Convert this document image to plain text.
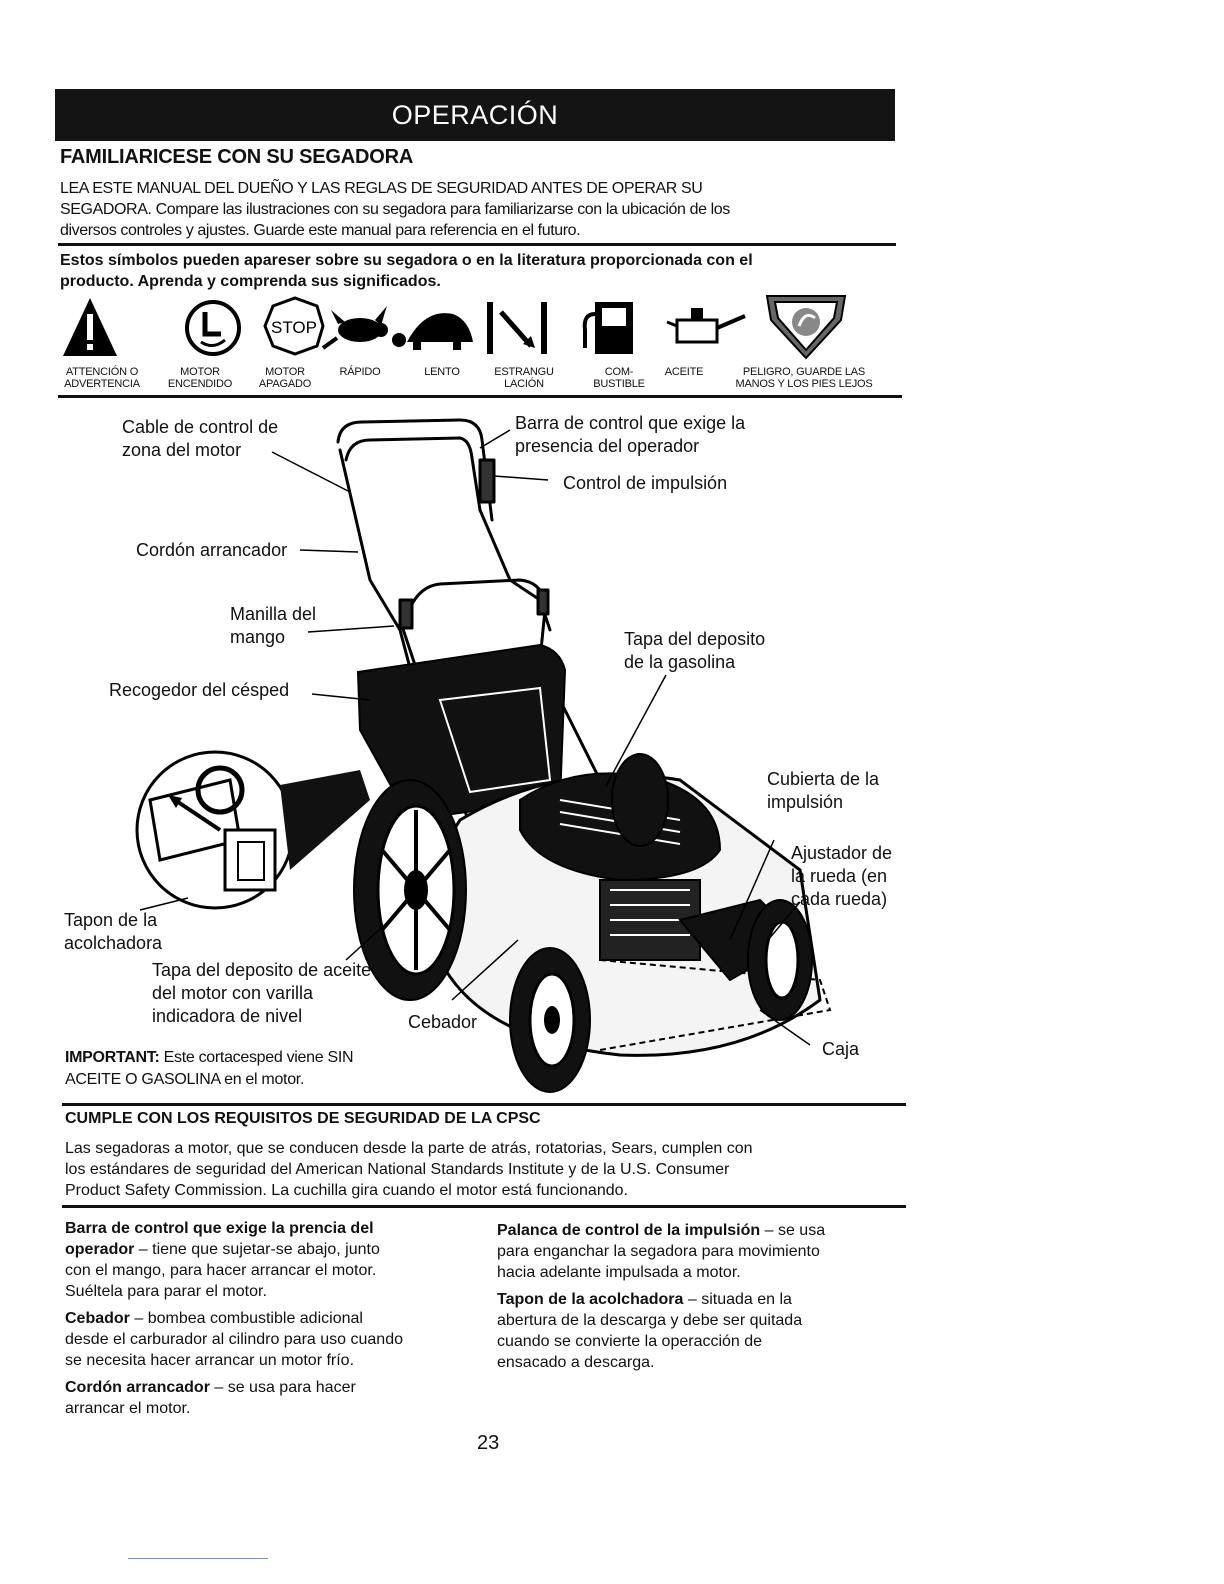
OPERACIÓN
FAMILIARICESE CON SU SEGADORA
LEA ESTE MANUAL DEL DUEÑO Y LAS REGLAS DE SEGURIDAD ANTES DE OPERAR SU
SEGADORA. Compare las ilustraciones con su segadora para familiarizarse con la ubicación de los
diversos controles y ajustes. Guarde este manual para referencia en el futuro.
Estos símbolos pueden apareser sobre su segadora o en la literatura proporcionada con el
producto. Aprenda y comprenda sus significados.
STOP
ATTENCIÓN O
ADVERTENCIA
MOTOR
ENCENDIDO
MOTOR
APAGADO
RÁPIDO	LENTO	ESTRANGU
LACIÓN
COM-
BUSTIBLE
ACEITE	PELIGRO, GUARDE LAS
MANOS Y LOS PIES LEJOS
Cable de control de
zona del motor
Barra de control que exige la
presencia del operador
Control de impulsión
Cordón arrancador
Manilla del
mango	Tapa del deposito
de la gasolina
Recogedor del césped
Cubierta de la
impulsión
Ajustador de
la rueda (en
cada rueda)
Tapon de la
acolchadora
Tapa del deposito de aceite
del motor con varilla
indicadora de nivel	Cebador
Caja
IMPORTANT: Este cortacesped viene SIN
ACEITE O GASOLINA en el motor.
CUMPLE CON LOS REQUISITOS DE SEGURIDAD DE LA CPSC
Las segadoras a motor, que se conducen desde la parte de atrás, rotatorias, Sears, cumplen con
los estándares de seguridad del American National Standards Institute y de la U.S. Consumer
Product Safety Commission. La cuchilla gira cuando el motor está funcionando.

Barra de control que exige la prencia del
operador – tiene que sujetar-se abajo, junto
con el mango, para hacer arrancar el motor.
Suéltela para parar el motor.

Cebador – bombea combustible adicional
desde el carburador al cilindro para uso cuando
se necesita hacer arrancar un motor frío.

Cordón arrancador – se usa para hacer
arrancar el motor.

Palanca de control de la impulsión – se usa
para enganchar la segadora para movimiento
hacia adelante impulsada a motor.

Tapon de la acolchadora – situada en la
abertura de la descarga y debe ser quitada
cuando se convierte la operacción de
ensacado a descarga.

23
